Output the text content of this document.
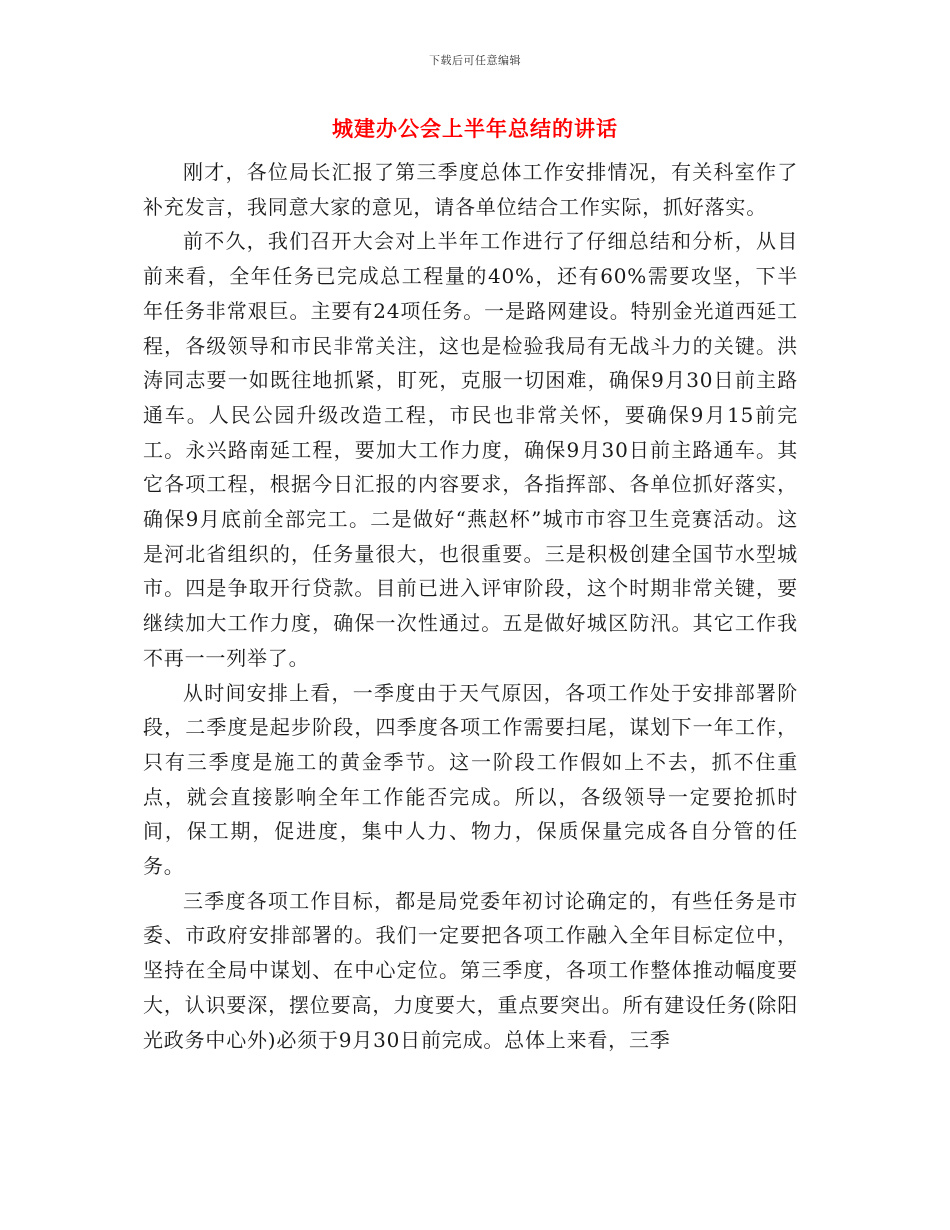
下载后可任意编辑
城建办公会上半年总结的讲话

刚才，各位局长汇报了第三季度总体工作安排情况，有关科室作了补充发言，我同意大家的意见，请各单位结合工作实际，抓好落实。

前不久，我们召开大会对上半年工作进行了仔细总结和分析，从目前来看，全年任务已完成总工程量的40%，还有60%需要攻坚，下半年任务非常艰巨。主要有24项任务。一是路网建设。特别金光道西延工程，各级领导和市民非常关注，这也是检验我局有无战斗力的关键。洪涛同志要一如既往地抓紧，盯死，克服一切困难，确保9月30日前主路通车。人民公园升级改造工程，市民也非常关怀，要确保9月15前完工。永兴路南延工程，要加大工作力度，确保9月30日前主路通车。其它各项工程，根据今日汇报的内容要求，各指挥部、各单位抓好落实，确保9月底前全部完工。二是做好“燕赵杯”城市市容卫生竞赛活动。这是河北省组织的，任务量很大，也很重要。三是积极创建全国节水型城市。四是争取开行贷款。目前已进入评审阶段，这个时期非常关键，要继续加大工作力度，确保一次性通过。五是做好城区防汛。其它工作我不再一一列举了。

从时间安排上看，一季度由于天气原因，各项工作处于安排部署阶段，二季度是起步阶段，四季度各项工作需要扫尾，谋划下一年工作，只有三季度是施工的黄金季节。这一阶段工作假如上不去，抓不住重点，就会直接影响全年工作能否完成。所以，各级领导一定要抢抓时间，保工期，促进度，集中人力、物力，保质保量完成各自分管的任务。

三季度各项工作目标，都是局党委年初讨论确定的，有些任务是市委、市政府安排部署的。我们一定要把各项工作融入全年目标定位中，坚持在全局中谋划、在中心定位。第三季度，各项工作整体推动幅度要大，认识要深，摆位要高，力度要大，重点要突出。所有建设任务(除阳光政务中心外)必须于9月30日前完成。总体上来看，三季
